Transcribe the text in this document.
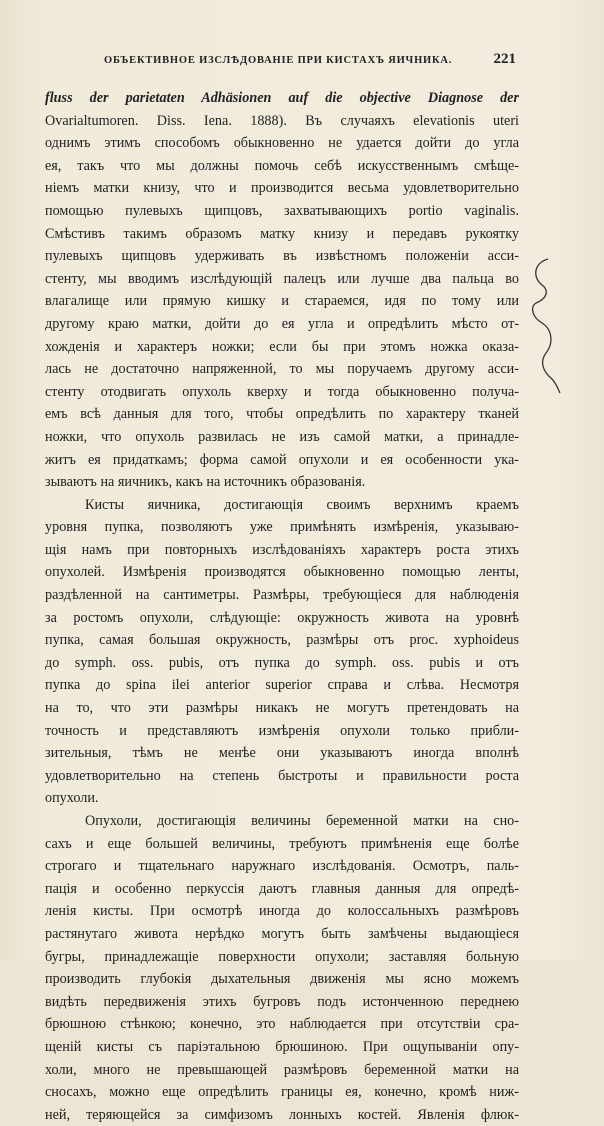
ОБЪЕКТИВНОЕ ИЗСЛѢДОВАНIЕ ПРИ КИСТАХЪ ЯИЧНИКА.	221
fluss der parietaten Adhäsionen auf die objective Diagnose der
Ovarialtumoren. Diss. Iena. 1888). Въ случаяхъ elevationis uteri
однимъ этимъ способомъ обыкновенно не удается дойти до угла
ея, такъ что мы должны помочь себѣ искусственнымъ смѣще-
нiемъ матки книзу, что и производится весьма удовлетворительно
помощью пулевыхъ щипцовъ, захватывающихъ portio vaginalis.
Смѣстивъ такимъ образомъ матку книзу и передавъ рукоятку
пулевыхъ щипцовъ удерживать въ извѣстномъ положенiи асси-
стенту, мы вводимъ изслѣдующiй палецъ или лучше два пальца во
влагалище или прямую кишку и стараемся, идя по тому или
другому краю матки, дойти до ея угла и опредѣлить мѣсто от-
хожденiя и характеръ ножки; если бы при этомъ ножка оказа-
лась не достаточно напряженной, то мы поручаемъ другому асси-
стенту отодвигать опухоль кверху и тогда обыкновенно получа-
емъ всѣ данныя для того, чтобы опредѣлить по характеру тканей
ножки, что опухоль развилась не изъ самой матки, а принадле-
житъ ея придаткамъ; форма самой опухоли и ея особенности ука-
зываютъ на яичникъ, какъ на источникъ образованiя.
Кисты яичника, достигающiя своимъ верхнимъ краемъ
уровня пупка, позволяютъ уже примѣнять измѣренiя, указываю-
щiя намъ при повторныхъ изслѣдованiяхъ характеръ роста этихъ
опухолей. Измѣренiя производятся обыкновенно помощью ленты,
раздѣленной на сантиметры. Размѣры, требующiеся для наблюденiя
за ростомъ опухоли, слѣдующiе: окружность живота на уровнѣ
пупка, самая большая окружность, размѣры отъ proc. xyphoideus
до symph. oss. pubis, отъ пупка до symph. oss. pubis и отъ
пупка до spina ilei anterior superior справа и слѣва. Несмотря
на то, что эти размѣры никакъ не могутъ претендовать на
точность и представляютъ измѣренiя опухоли только прибли-
зительныя, тѣмъ не менѣе они указываютъ иногда вполнѣ
удовлетворительно на степень быстроты и правильности роста
опухоли.
Опухоли, достигающiя величины беременной матки на сно-
сахъ и еще большей величины, требуютъ примѣненiя еще болѣе
строгаго и тщательнаго наружнаго изслѣдованiя. Осмотръ, паль-
пацiя и особенно перкуссiя даютъ главныя данныя для опредѣ-
ленiя кисты. При осмотрѣ иногда до колоссальныхъ размѣровъ
растянутаго живота нерѣдко могутъ быть замѣчены выдающiеся
бугры, принадлежащiе поверхности опухоли; заставляя больную
производить глубокiя дыхательныя движенiя мы ясно можемъ
видѣть передвиженiя этихъ бугровъ подъ истонченною переднею
брюшною стѣнкою; конечно, это наблюдается при отсутствiи сра-
щенiй кисты съ парiэтальною брюшиною. При ощупыванiи опу-
холи, много не превышающей размѣровъ беременной матки на
сносахъ, можно еще опредѣлить границы ея, конечно, кромѣ ниж-
ней, теряющейся за симфизомъ лонныхъ костей. Явленiя флюк-
